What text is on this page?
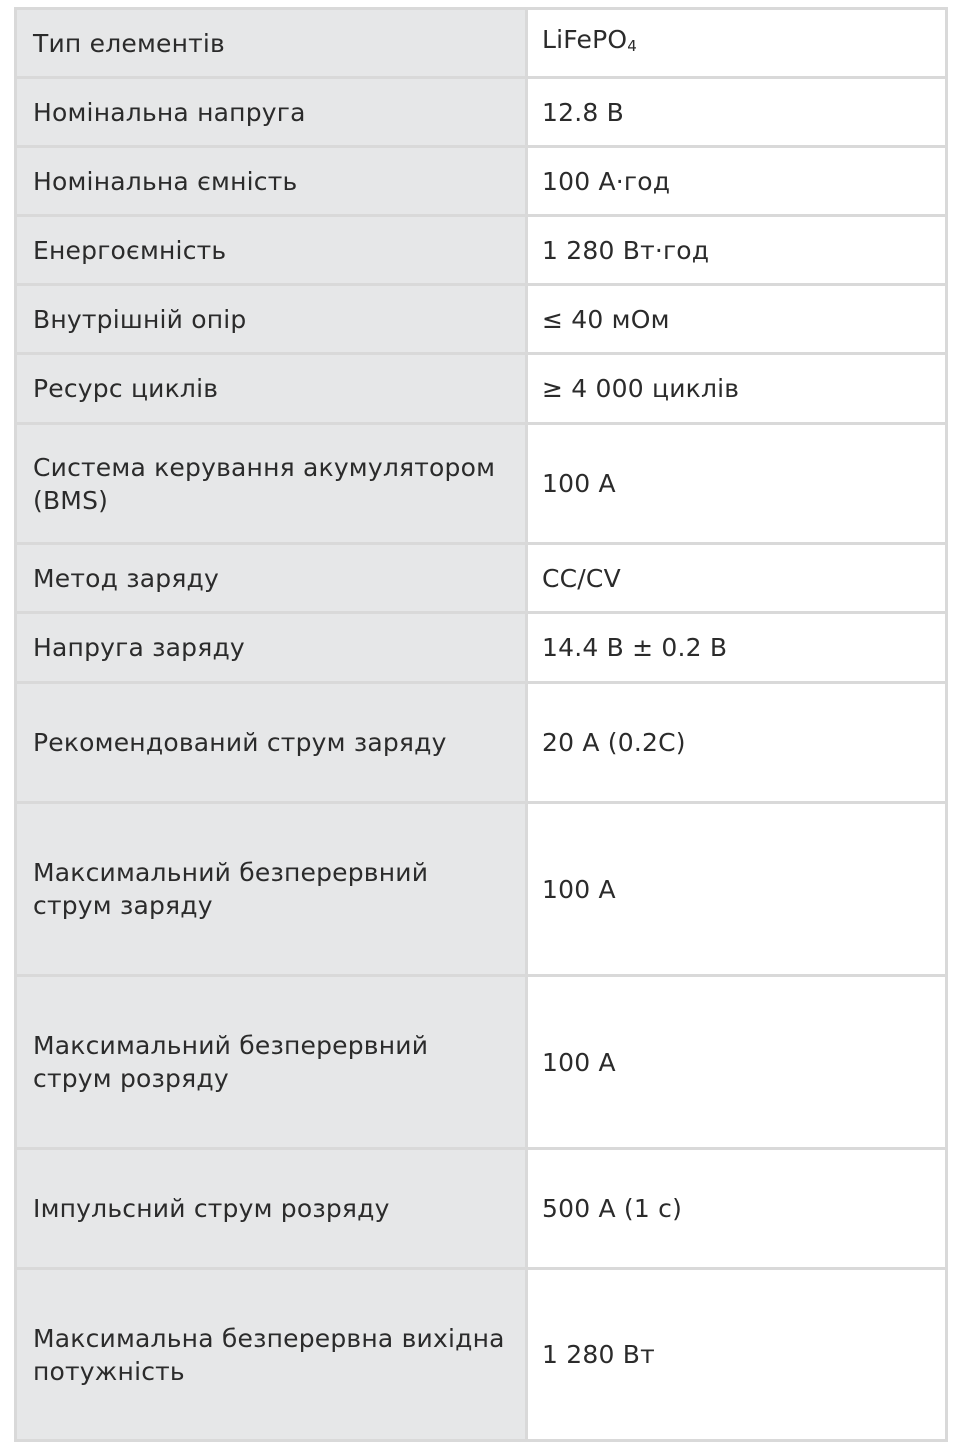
Тип елементів	LiFePO$_4$
Номінальна напруга	12.8 В
Номінальна ємність	100 А·год
Енергоємність	1 280 Вт·год
Внутрішній опір	≤ 40 мОм
Ресурс циклів	≥ 4 000 циклів
Система керування акумулятором (BMS)	100 А
Метод заряду	CC/CV
Напруга заряду	14.4 В ± 0.2 В
Рекомендований струм заряду	20 А (0.2C)
Максимальний безперервний струм заряду	100 А
Максимальний безперервний струм розряду	100 А
Імпульсний струм розряду	500 А (1 с)
Максимальна безперервна вихідна потужність	1 280 Вт
